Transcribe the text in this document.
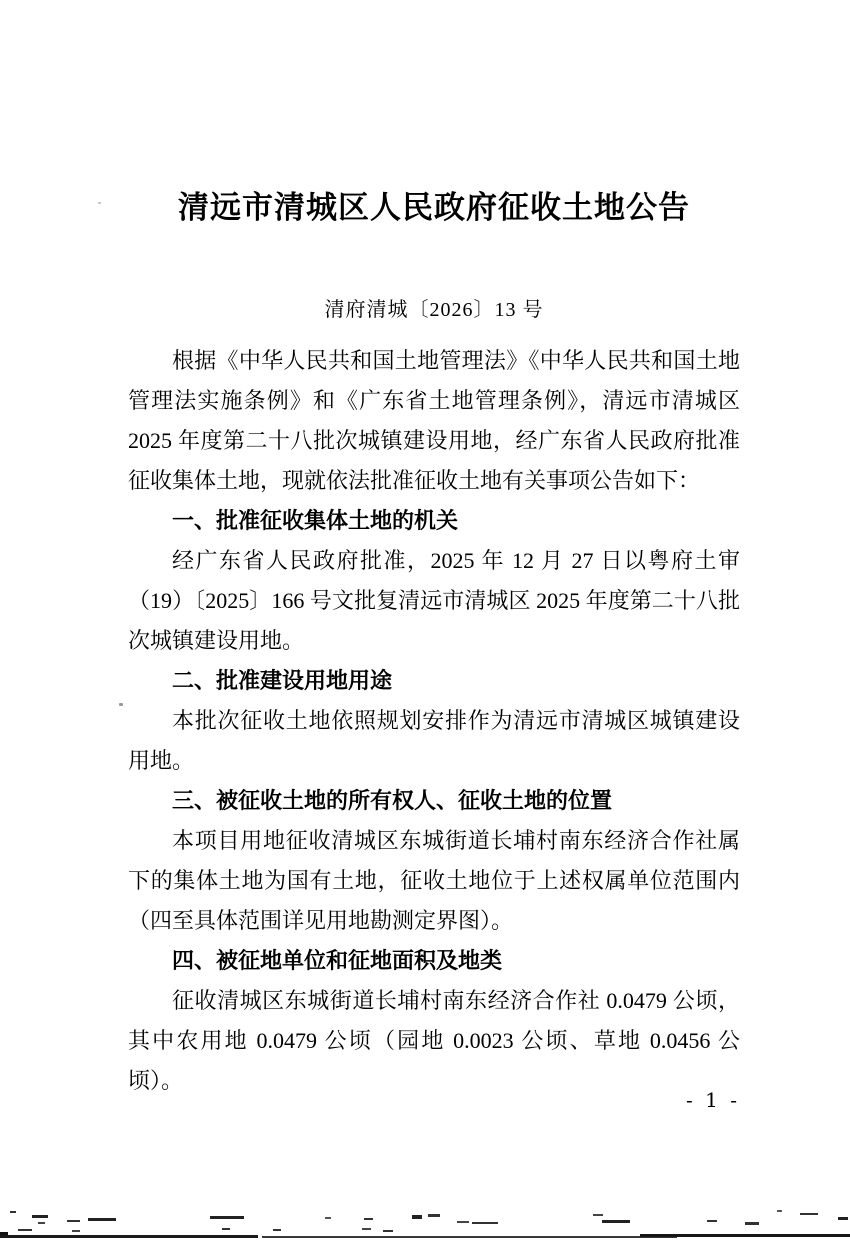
清远市清城区人民政府征收土地公告
清府清城〔2026〕13 号

根据《中华人民共和国土地管理法》《中华人民共和国土地管理法实施条例》和《广东省土地管理条例》，清远市清城区 2025 年度第二十八批次城镇建设用地，经广东省人民政府批准征收集体土地，现就依法批准征收土地有关事项公告如下：

一、批准征收集体土地的机关

经广东省人民政府批准，2025 年 12 月 27 日以粤府土审（19）〔2025〕166 号文批复清远市清城区 2025 年度第二十八批次城镇建设用地。

二、批准建设用地用途

本批次征收土地依照规划安排作为清远市清城区城镇建设用地。

三、被征收土地的所有权人、征收土地的位置

本项目用地征收清城区东城街道长埔村南东经济合作社属下的集体土地为国有土地，征收土地位于上述权属单位范围内（四至具体范围详见用地勘测定界图）。

四、被征地单位和征地面积及地类

征收清城区东城街道长埔村南东经济合作社 0.0479 公顷，其中农用地 0.0479 公顷（园地 0.0023 公顷、草地 0.0456 公顷）。

- 1 -
